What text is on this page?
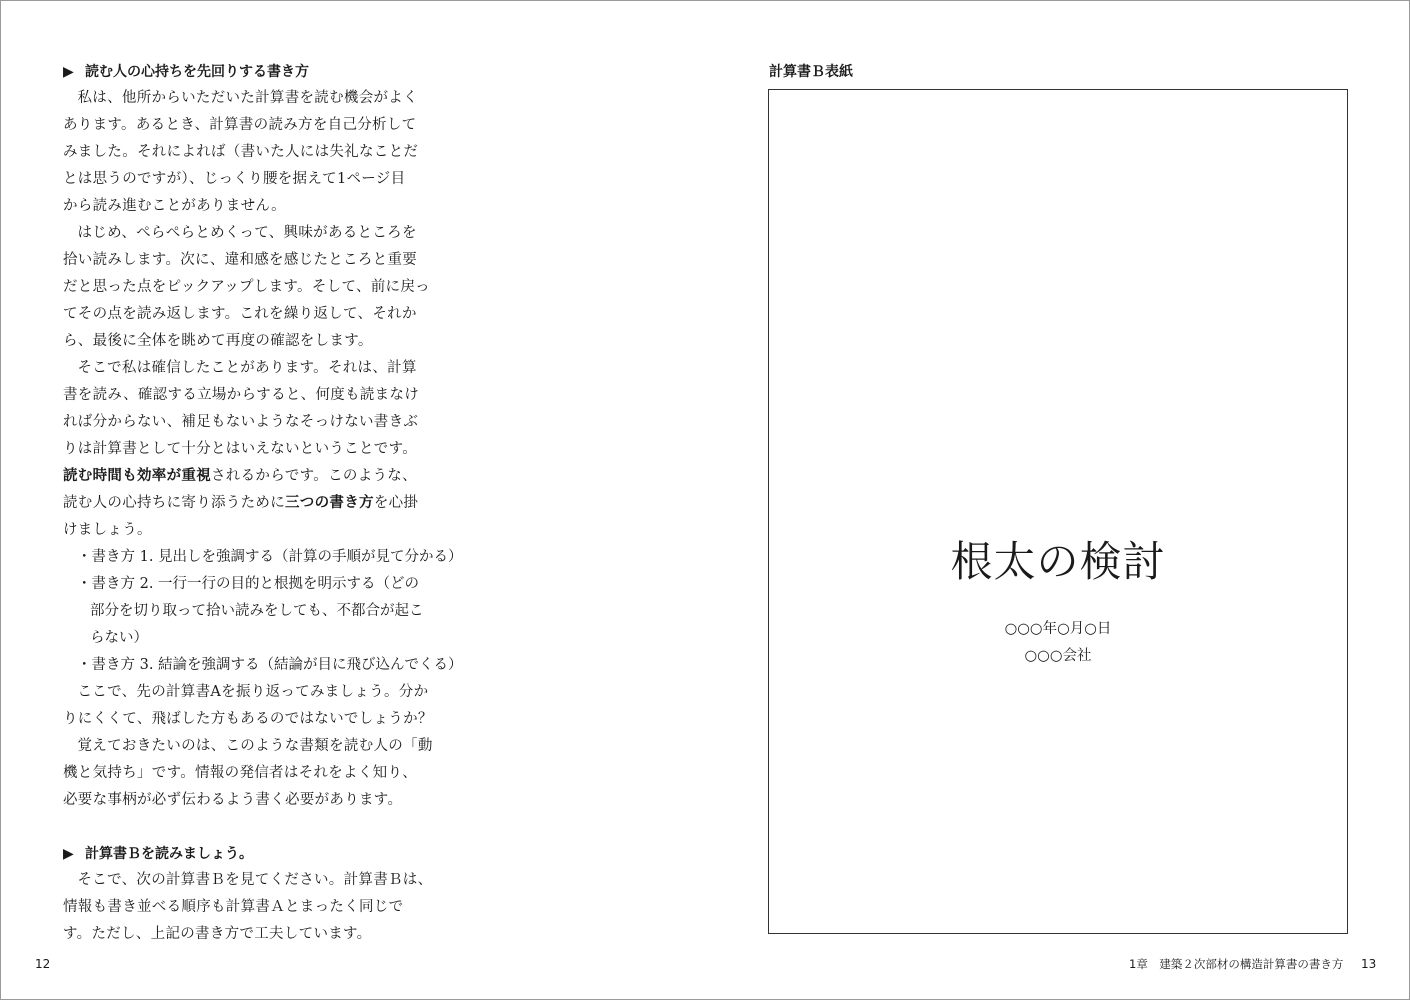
▶ 読む人の心持ちを先回りする書き方

私は、他所からいただいた計算書を読む機会がよく
あります。あるとき、計算書の読み方を自己分析して
みました。それによれば（書いた人には失礼なことだ
とは思うのですが）、じっくり腰を据えて1ページ目
から読み進むことがありません。

はじめ、ぺらぺらとめくって、興味があるところを
拾い読みします。次に、違和感を感じたところと重要
だと思った点をピックアップします。そして、前に戻っ
てその点を読み返します。これを繰り返して、それか
ら、最後に全体を眺めて再度の確認をします。

そこで私は確信したことがあります。それは、計算
書を読み、確認する立場からすると、何度も読まなけ
れば分からない、補足もないようなそっけない書きぶ
りは計算書として十分とはいえないということです。
読む時間も効率が重視されるからです。このような、
読む人の心持ちに寄り添うために三つの書き方を心掛
けましょう。

・書き方 1. 見出しを強調する（計算の手順が見て分かる）
・書き方 2. 一行一行の目的と根拠を明示する（どの
部分を切り取って拾い読みをしても、不都合が起こ
らない）
・書き方 3. 結論を強調する（結論が目に飛び込んでくる）

ここで、先の計算書Aを振り返ってみましょう。分か
りにくくて、飛ばした方もあるのではないでしょうか？

覚えておきたいのは、このような書類を読む人の「動
機と気持ち」です。情報の発信者はそれをよく知り、
必要な事柄が必ず伝わるよう書く必要があります。

▶ 計算書Ｂを読みましょう。

そこで、次の計算書Ｂを見てください。計算書Ｂは、
情報も書き並べる順序も計算書Ａとまったく同じで
す。ただし、上記の書き方で工夫しています。

12
計算書Ｂ表紙
根太の検討
○○○年○月○日
○○○会社
1章　建築２次部材の構造計算書の書き方 13
